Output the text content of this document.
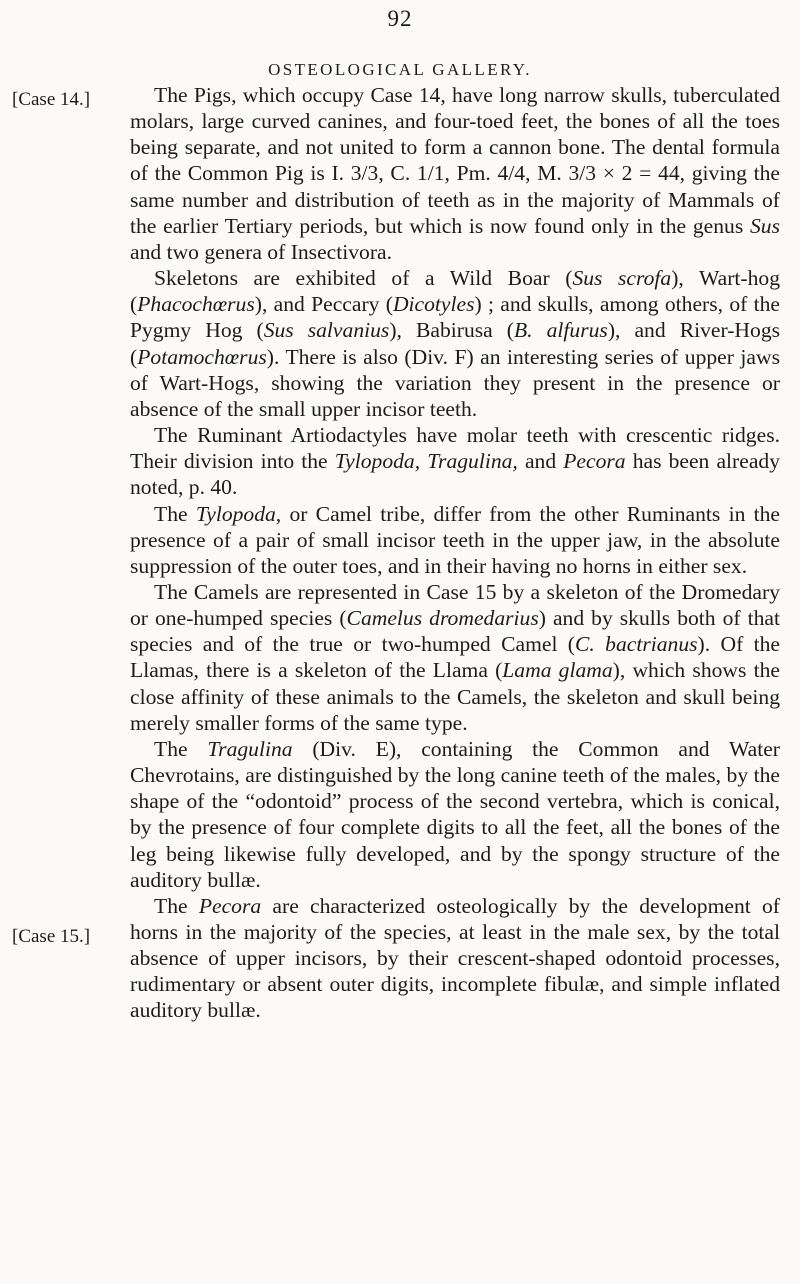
92
OSTEOLOGICAL GALLERY.
[Case 14.]
[Case 15.]

The Pigs, which occupy Case 14, have long narrow skulls, tuberculated molars, large curved canines, and four-toed feet, the bones of all the toes being separate, and not united to form a cannon bone. The dental formula of the Common Pig is I. 3/3, C. 1/1, Pm. 4/4, M. 3/3 × 2 = 44, giving the same number and distribution of teeth as in the majority of Mammals of the earlier Tertiary periods, but which is now found only in the genus Sus and two genera of Insectivora.

Skeletons are exhibited of a Wild Boar (Sus scrofa), Wart-hog (Phacochœrus), and Peccary (Dicotyles) ; and skulls, among others, of the Pygmy Hog (Sus salvanius), Babirusa (B. alfurus), and River-Hogs (Potamochœrus). There is also (Div. F) an interesting series of upper jaws of Wart-Hogs, showing the variation they present in the presence or absence of the small upper incisor teeth.

The Ruminant Artiodactyles have molar teeth with crescentic ridges. Their division into the Tylopoda, Tragulina, and Pecora has been already noted, p. 40.

The Tylopoda, or Camel tribe, differ from the other Ruminants in the presence of a pair of small incisor teeth in the upper jaw, in the absolute suppression of the outer toes, and in their having no horns in either sex.

The Camels are represented in Case 15 by a skeleton of the Dromedary or one-humped species (Camelus dromedarius) and by skulls both of that species and of the true or two-humped Camel (C. bactrianus). Of the Llamas, there is a skeleton of the Llama (Lama glama), which shows the close affinity of these animals to the Camels, the skeleton and skull being merely smaller forms of the same type.

The Tragulina (Div. E), containing the Common and Water Chevrotains, are distinguished by the long canine teeth of the males, by the shape of the “odontoid” process of the second vertebra, which is conical, by the presence of four complete digits to all the feet, all the bones of the leg being likewise fully developed, and by the spongy structure of the auditory bullæ.

The Pecora are characterized osteologically by the development of horns in the majority of the species, at least in the male sex, by the total absence of upper incisors, by their crescent-shaped odontoid processes, rudimentary or absent outer digits, incomplete fibulæ, and simple inflated auditory bullæ.
